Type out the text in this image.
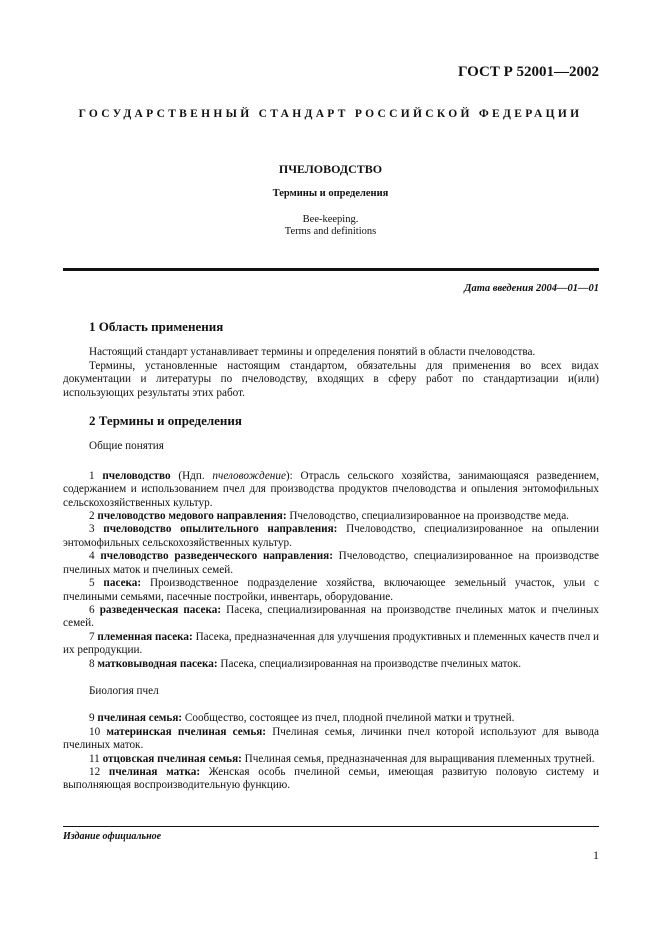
ГОСТ Р 52001—2002
ГОСУДАРСТВЕННЫЙ СТАНДАРТ РОССИЙСКОЙ ФЕДЕРАЦИИ
ПЧЕЛОВОДСТВО
Термины и определения
Bee-keeping.
Terms and definitions
Дата введения 2004—01—01
1 Область применения

Настоящий стандарт устанавливает термины и определения понятий в области пчеловодства.

Термины, установленные настоящим стандартом, обязательны для применения во всех видах документации и литературы по пчеловодству, входящих в сферу работ по стандартизации и(или) использующих результаты этих работ.

2 Термины и определения

Общие понятия

1 пчеловодство (Ндп. пчеловождение): Отрасль сельского хозяйства, занимающаяся разведением, содержанием и использованием пчел для производства продуктов пчеловодства и опыления энтомофильных сельскохозяйственных культур.

2 пчеловодство медового направления: Пчеловодство, специализированное на производстве меда.

3 пчеловодство опылительного направления: Пчеловодство, специализированное на опылении энтомофильных сельскохозяйственных культур.

4 пчеловодство разведенческого направления: Пчеловодство, специализированное на производстве пчелиных маток и пчелиных семей.

5 пасека: Производственное подразделение хозяйства, включающее земельный участок, ульи с пчелиными семьями, пасечные постройки, инвентарь, оборудование.

6 разведенческая пасека: Пасека, специализированная на производстве пчелиных маток и пчелиных семей.

7 племенная пасека: Пасека, предназначенная для улучшения продуктивных и племенных качеств пчел и их репродукции.

8 матковыводная пасека: Пасека, специализированная на производстве пчелиных маток.

Биология пчел

9 пчелиная семья: Сообщество, состоящее из пчел, плодной пчелиной матки и трутней.

10 материнская пчелиная семья: Пчелиная семья, личинки пчел которой используют для вывода пчелиных маток.

11 отцовская пчелиная семья: Пчелиная семья, предназначенная для выращивания племенных трутней.

12 пчелиная матка: Женская особь пчелиной семьи, имеющая развитую половую систему и выполняющая воспроизводительную функцию.

Издание официальное
1
